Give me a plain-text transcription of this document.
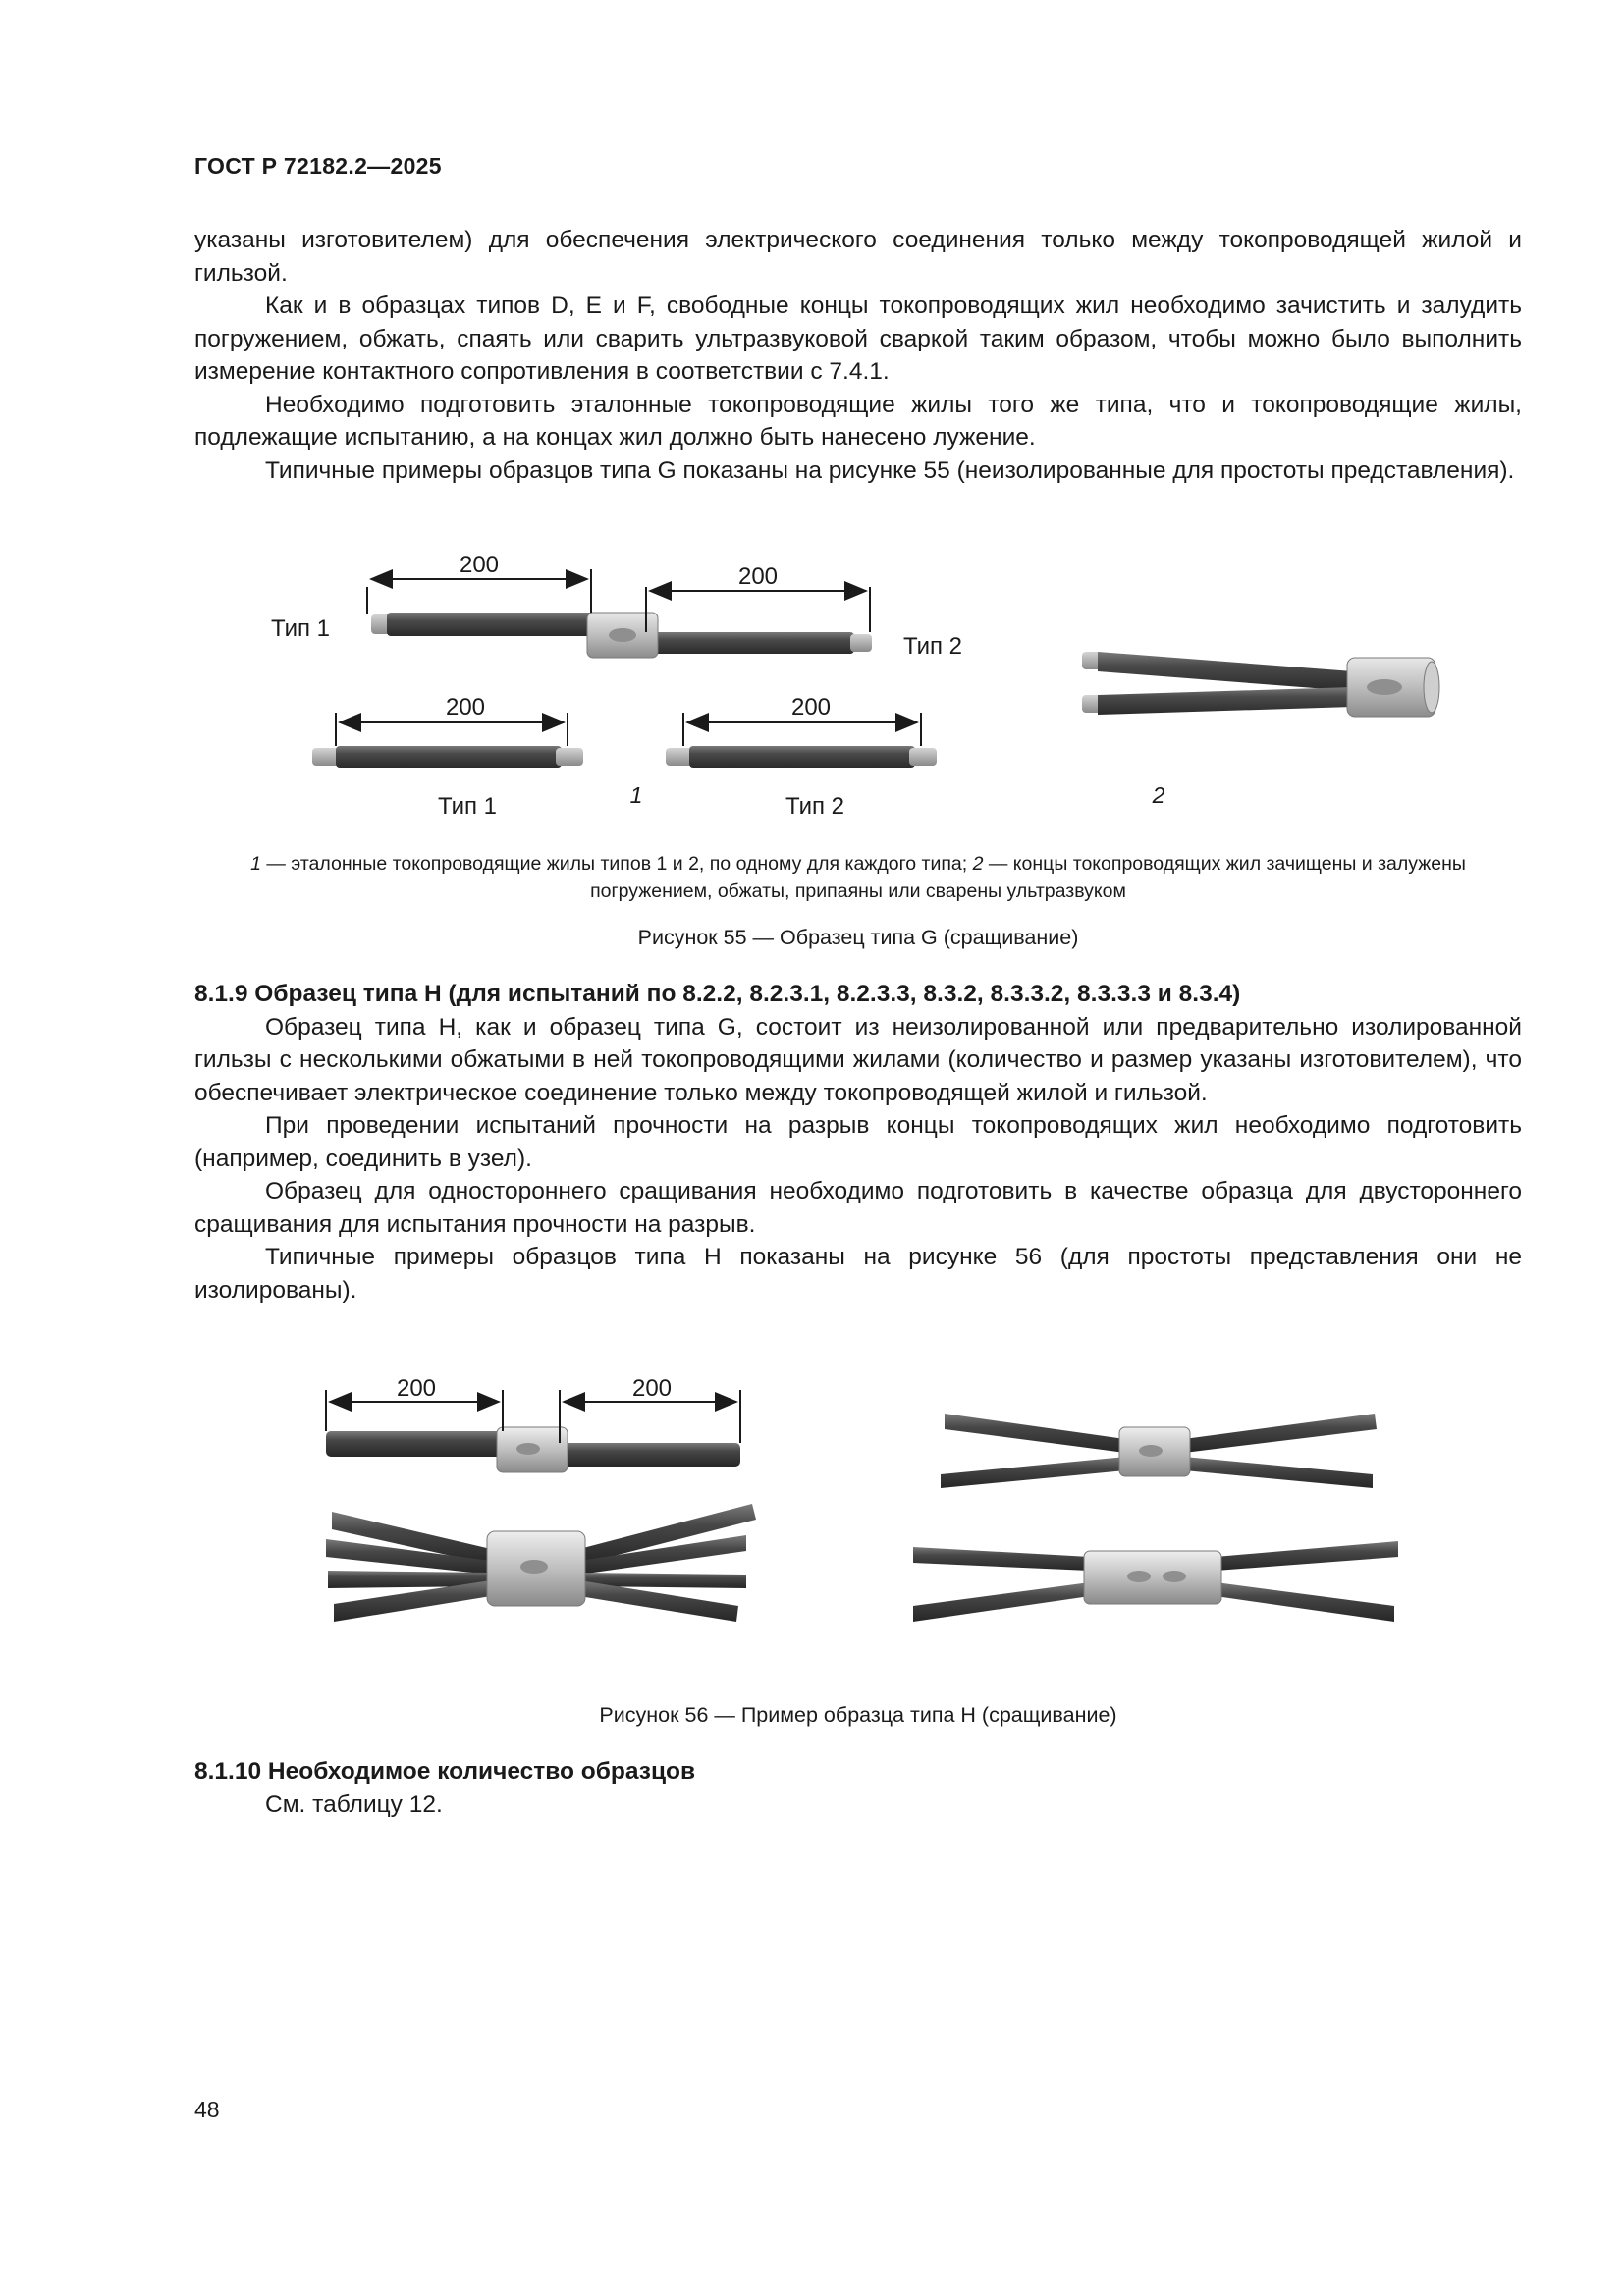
ГОСТ Р 72182.2—2025

указаны изготовителем) для обеспечения электрического соединения только между токопроводящей жилой и гильзой.

Как и в образцах типов D, E и F, свободные концы токопроводящих жил необходимо зачистить и залудить погружением, обжать, спаять или сварить ультразвуковой сваркой таким образом, чтобы можно было выполнить измерение контактного сопротивления в соответствии с 7.4.1.

Необходимо подготовить эталонные токопроводящие жилы того же типа, что и токопроводящие жилы, подлежащие испытанию, а на концах жил должно быть нанесено лужение.

Типичные примеры образцов типа G показаны на рисунке 55 (неизолированные для простоты представления).

200	200
Тип 1
Тип 2
200
Тип 1
200
Тип 2
1	2
1 — эталонные токопроводящие жилы типов 1 и 2, по одному для каждого типа; 2 — концы токопроводящих жил зачищены и залужены погружением, обжаты, припаяны или сварены ультразвуком
Рисунок 55 — Образец типа G (сращивание)

8.1.9 Образец типа H (для испытаний по 8.2.2, 8.2.3.1, 8.2.3.3, 8.3.2, 8.3.3.2, 8.3.3.3 и 8.3.4)

Образец типа H, как и образец типа G, состоит из неизолированной или предварительно изолированной гильзы с несколькими обжатыми в ней токопроводящими жилами (количество и размер указаны изготовителем), что обеспечивает электрическое соединение только между токопроводящей жилой и гильзой.

При проведении испытаний прочности на разрыв концы токопроводящих жил необходимо подготовить (например, соединить в узел).

Образец для одностороннего сращивания необходимо подготовить в качестве образца для двустороннего сращивания для испытания прочности на разрыв.

Типичные примеры образцов типа H показаны на рисунке 56 (для простоты представления они не изолированы).

200	200
Рисунок 56 — Пример образца типа H (сращивание)

8.1.10 Необходимое количество образцов

См. таблицу 12.

48
